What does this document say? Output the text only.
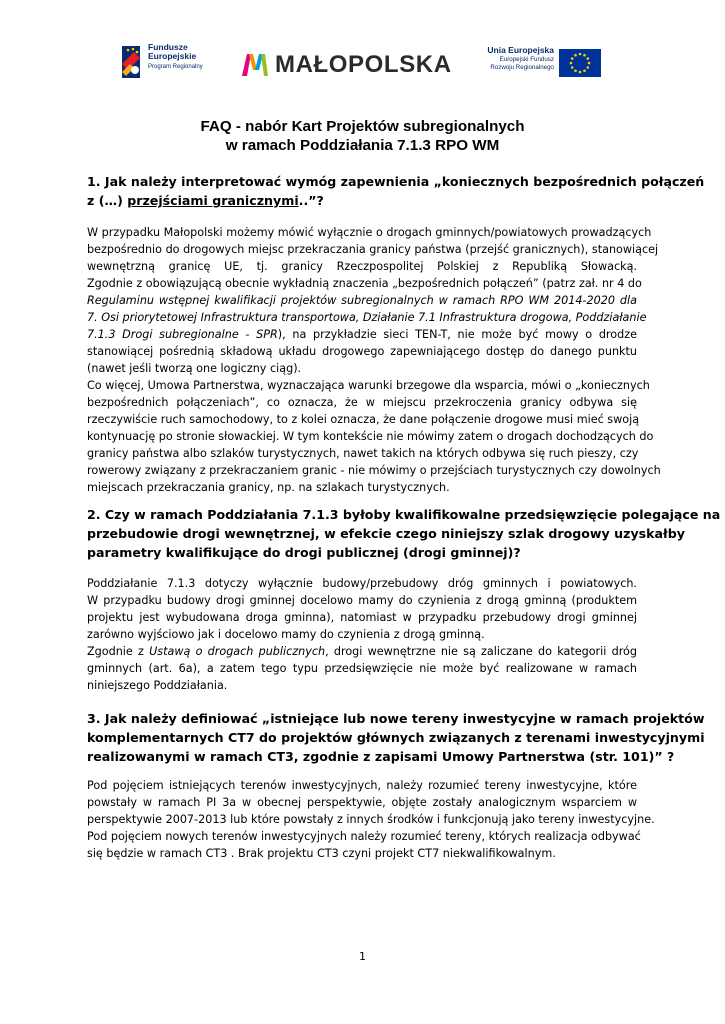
Fundusze
Europejskie
Program Regionalny	MAŁOPOLSKA
Unia Europejska
Europejski Fundusz
Rozwoju Regionalnego
FAQ - nabór Kart Projektów subregionalnych
w ramach Poddziałania 7.1.3 RPO WM
1. Jak należy interpretować wymóg zapewnienia „koniecznych bezpośrednich połączeń
z (…) przejściami granicznymi..”?
W przypadku Małopolski możemy mówić wyłącznie o drogach gminnych/powiatowych prowadzących
bezpośrednio do drogowych miejsc przekraczania granicy państwa (przejść granicznych), stanowiącej
wewnętrzną granicę UE, tj. granicy Rzeczpospolitej Polskiej z Republiką Słowacką.
Zgodnie z obowiązującą obecnie wykładnią znaczenia „bezpośrednich połączeń” (patrz zał. nr 4 do
Regulaminu wstępnej kwalifikacji projektów subregionalnych w ramach RPO WM 2014-2020 dla
7. Osi priorytetowej Infrastruktura transportowa, Działanie 7.1 Infrastruktura drogowa, Poddziałanie
7.1.3 Drogi subregionalne - SPR), na przykładzie sieci TEN-T, nie może być mowy o drodze
stanowiącej pośrednią składową układu drogowego zapewniającego dostęp do danego punktu
(nawet jeśli tworzą one logiczny ciąg).
Co więcej, Umowa Partnerstwa, wyznaczająca warunki brzegowe dla wsparcia, mówi o „koniecznych
bezpośrednich połączeniach”, co oznacza, że w miejscu przekroczenia granicy odbywa się
rzeczywiście ruch samochodowy, to z kolei oznacza, że dane połączenie drogowe musi mieć swoją
kontynuację po stronie słowackiej. W tym kontekście nie mówimy zatem o drogach dochodzących do
granicy państwa albo szlaków turystycznych, nawet takich na których odbywa się ruch pieszy, czy
rowerowy związany z przekraczaniem granic - nie mówimy o przejściach turystycznych czy dowolnych
miejscach przekraczania granicy, np. na szlakach turystycznych.
2. Czy w ramach Poddziałania 7.1.3 byłoby kwalifikowalne przedsięwzięcie polegające na
przebudowie drogi wewnętrznej, w efekcie czego niniejszy szlak drogowy uzyskałby
parametry kwalifikujące do drogi publicznej (drogi gminnej)?
Poddziałanie 7.1.3 dotyczy wyłącznie budowy/przebudowy dróg gminnych i powiatowych.
W przypadku budowy drogi gminnej docelowo mamy do czynienia z drogą gminną (produktem
projektu jest wybudowana droga gminna), natomiast w przypadku przebudowy drogi gminnej
zarówno wyjściowo jak i docelowo mamy do czynienia z drogą gminną.
Zgodnie z Ustawą o drogach publicznych, drogi wewnętrzne nie są zaliczane do kategorii dróg
gminnych (art. 6a), a zatem tego typu przedsięwzięcie nie może być realizowane w ramach
niniejszego Poddziałania.
3. Jak należy definiować „istniejące lub nowe tereny inwestycyjne w ramach projektów
komplementarnych CT7 do projektów głównych związanych z terenami inwestycyjnymi
realizowanymi w ramach CT3, zgodnie z zapisami Umowy Partnerstwa (str. 101)” ?
Pod pojęciem istniejących terenów inwestycyjnych, należy rozumieć tereny inwestycyjne, które
powstały w ramach PI 3a w obecnej perspektywie, objęte zostały analogicznym wsparciem w
perspektywie 2007-2013 lub które powstały z innych środków i funkcjonują jako tereny inwestycyjne.
Pod pojęciem nowych terenów inwestycyjnych należy rozumieć tereny, których realizacja odbywać
się będzie w ramach CT3 . Brak projektu CT3 czyni projekt CT7 niekwalifikowalnym.
1
